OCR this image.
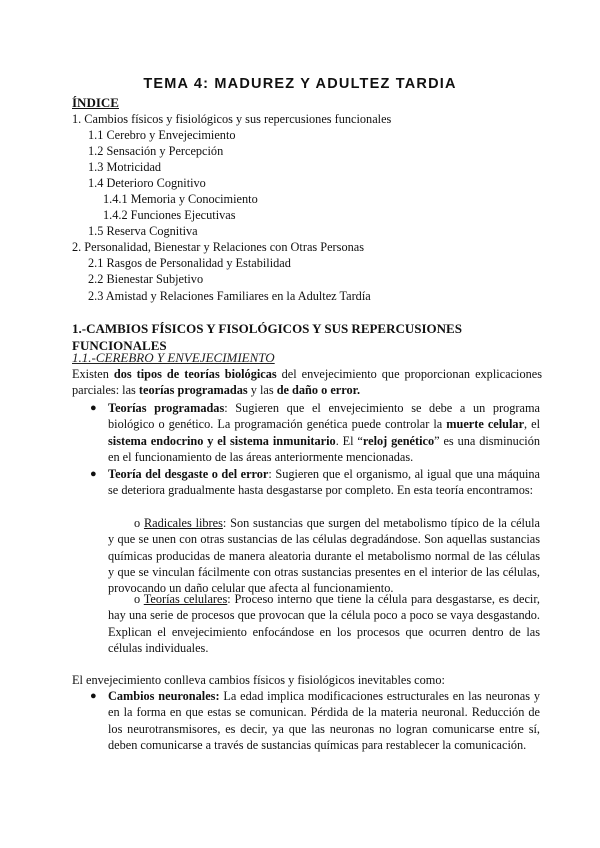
TEMA 4: MADUREZ Y ADULTEZ TARDIA
ÍNDICE
1. Cambios físicos y fisiológicos y sus repercusiones funcionales
1.1 Cerebro y Envejecimiento
1.2 Sensación y Percepción
1.3 Motricidad
1.4 Deterioro Cognitivo
1.4.1 Memoria y Conocimiento
1.4.2 Funciones Ejecutivas
1.5 Reserva Cognitiva
2. Personalidad, Bienestar y Relaciones con Otras Personas
2.1 Rasgos de Personalidad y Estabilidad
2.2 Bienestar Subjetivo
2.3 Amistad y Relaciones Familiares en la Adultez Tardía
1.-CAMBIOS FÍSICOS Y FISOLÓGICOS Y SUS REPERCUSIONES FUNCIONALES
1.1.-CEREBRO Y ENVEJECIMIENTO
Existen dos tipos de teorías biológicas del envejecimiento que proporcionan explicaciones parciales: las teorías programadas y las de daño o error.
● Teorías programadas: Sugieren que el envejecimiento se debe a un programa biológico o genético. La programación genética puede controlar la muerte celular, el sistema endocrino y el sistema inmunitario. El “reloj genético” es una disminución en el funcionamiento de las áreas anteriormente mencionadas.
● Teoría del desgaste o del error: Sugieren que el organismo, al igual que una máquina se deteriora gradualmente hasta desgastarse por completo. En esta teoría encontramos:
o Radicales libres: Son sustancias que surgen del metabolismo típico de la célula y que se unen con otras sustancias de las células degradándose. Son aquellas sustancias químicas producidas de manera aleatoria durante el metabolismo normal de las células y que se vinculan fácilmente con otras sustancias presentes en el interior de las células, provocando un daño celular que afecta al funcionamiento.
o Teorías celulares: Proceso interno que tiene la célula para desgastarse, es decir, hay una serie de procesos que provocan que la célula poco a poco se vaya desgastando. Explican el envejecimiento enfocándose en los procesos que ocurren dentro de las células individuales.
El envejecimiento conlleva cambios físicos y fisiológicos inevitables como:
● Cambios neuronales: La edad implica modificaciones estructurales en las neuronas y en la forma en que estas se comunican. Pérdida de la materia neuronal. Reducción de los neurotransmisores, es decir, ya que las neuronas no logran comunicarse entre sí, deben comunicarse a través de sustancias químicas para restablecer la comunicación.
